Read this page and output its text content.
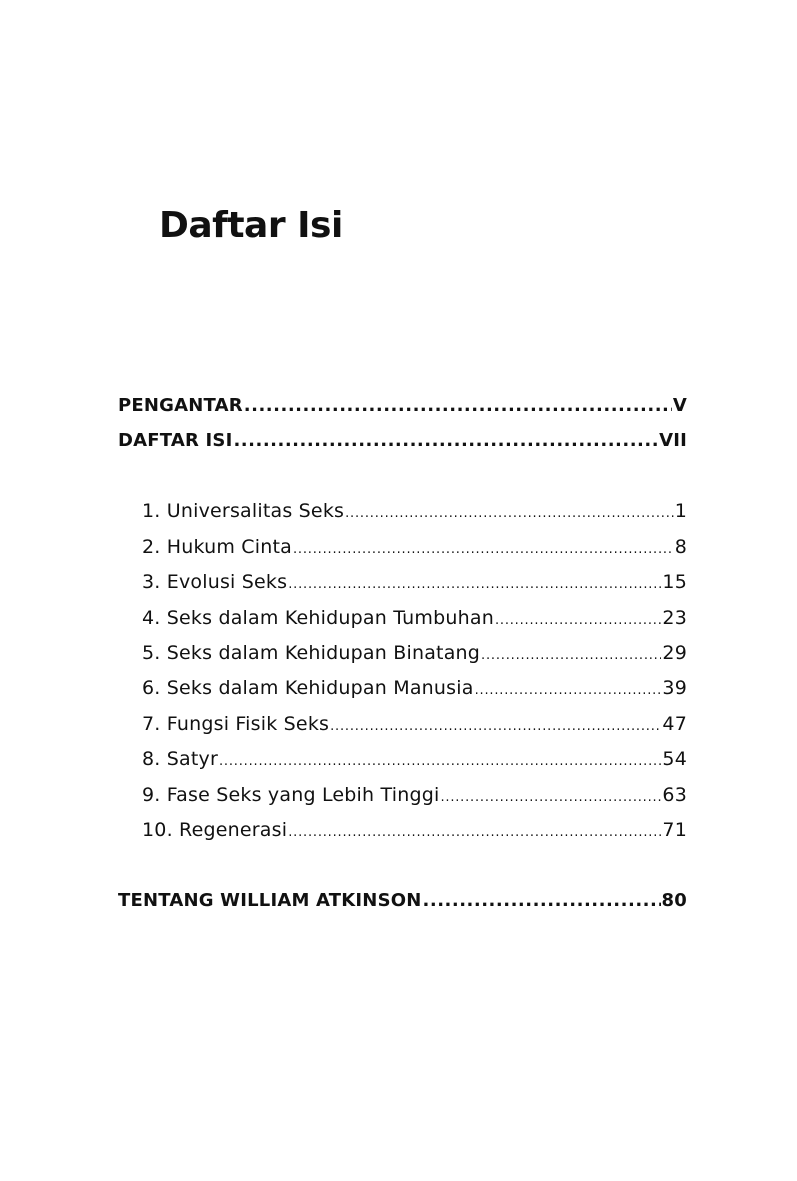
Daftar Isi
PENGANTAR .....	V
DAFTAR ISI .....	VII
1. Universalitas Seks .....	1
2. Hukum Cinta .....	8
3. Evolusi Seks .....	15
4. Seks dalam Kehidupan Tumbuhan .....	23
5. Seks dalam Kehidupan Binatang .....	29
6. Seks dalam Kehidupan Manusia .....	39
7. Fungsi Fisik Seks .....	47
8. Satyr .....	54
9. Fase Seks yang Lebih Tinggi .....	63
10. Regenerasi .....	71
TENTANG WILLIAM ATKINSON .....	80
